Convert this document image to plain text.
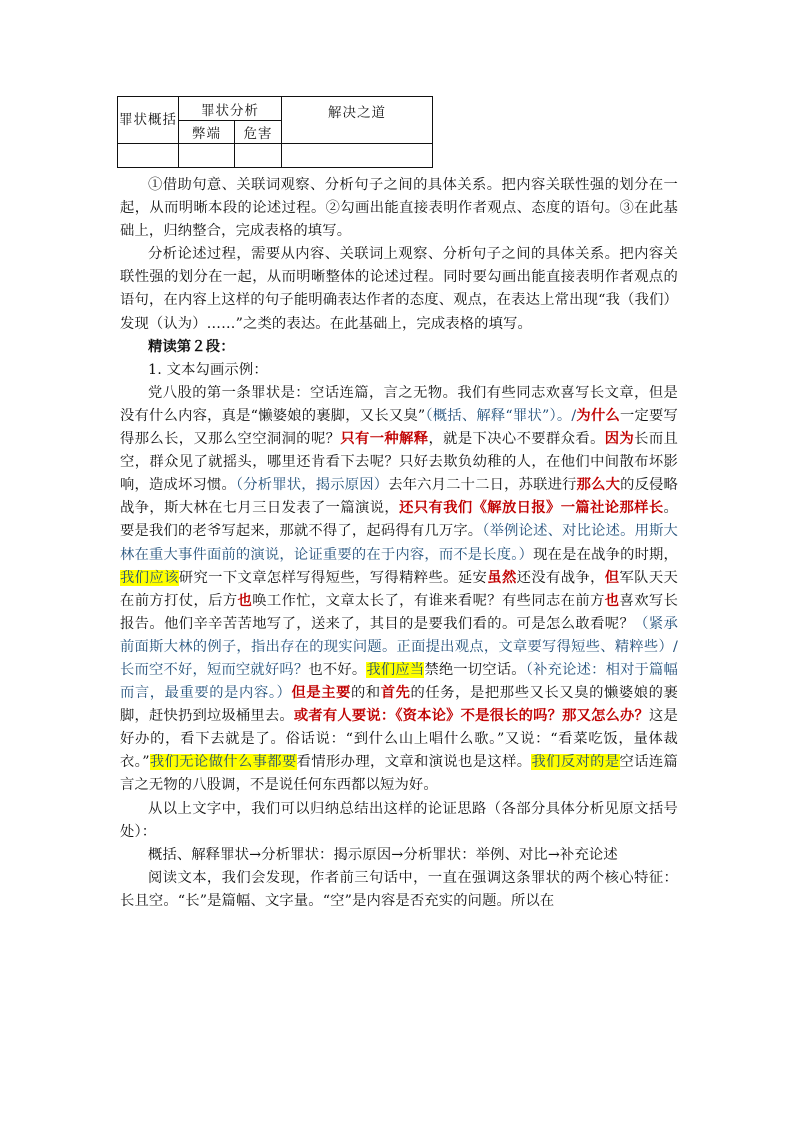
罪状概括	罪状分析		解决之道
	弊端	危害	

①借助句意、关联词观察、分析句子之间的具体关系。把内容关联性强的划分在一起，从而明晰本段的论述过程。②勾画出能直接表明作者观点、态度的语句。③在此基础上，归纳整合，完成表格的填写。

分析论述过程，需要从内容、关联词上观察、分析句子之间的具体关系。把内容关联性强的划分在一起，从而明晰整体的论述过程。同时要勾画出能直接表明作者观点的语句，在内容上这样的句子能明确表达作者的态度、观点，在表达上常出现“我（我们）发现（认为）……”之类的表达。在此基础上，完成表格的填写。

精读第２段：

1. 文本勾画示例：

党八股的第一条罪状是：空话连篇，言之无物。我们有些同志欢喜写长文章，但是没有什么内容，真是“懒婆娘的裹脚，又长又臭”（概括、解释“罪状”）。/为什么一定要写得那么长，又那么空空洞洞的呢？只有一种解释，就是下决心不要群众看。因为长而且空，群众见了就摇头，哪里还肯看下去呢？只好去欺负幼稚的人，在他们中间散布坏影响，造成坏习惯。（分析罪状，揭示原因）去年六月二十二日，苏联进行那么大的反侵略战争，斯大林在七月三日发表了一篇演说，还只有我们《解放日报》一篇社论那样长。要是我们的老爷写起来，那就不得了，起码得有几万字。（举例论述、对比论述。用斯大林在重大事件面前的演说，论证重要的在于内容，而不是长度。）现在是在战争的时期，我们应该研究一下文章怎样写得短些，写得精粹些。延安虽然还没有战争，但军队天天在前方打仗，后方也唤工作忙，文章太长了，有谁来看呢？有些同志在前方也喜欢写长报告。他们辛辛苦苦地写了，送来了，其目的是要我们看的。可是怎么敢看呢？（紧承前面斯大林的例子，指出存在的现实问题。正面提出观点，文章要写得短些、精粹些）/长而空不好，短而空就好吗？也不好。我们应当禁绝一切空话。（补充论述：相对于篇幅而言，最重要的是内容。）但是主要的和首先的任务，是把那些又长又臭的懒婆娘的裹脚，赶快扔到垃圾桶里去。或者有人要说：《资本论》不是很长的吗？那又怎么办？这是好办的，看下去就是了。俗话说：“到什么山上唱什么歌。”又说：“看菜吃饭，量体裁衣。”我们无论做什么事都要看情形办理，文章和演说也是这样。我们反对的是空话连篇言之无物的八股调，不是说任何东西都以短为好。

从以上文字中，我们可以归纳总结出这样的论证思路（各部分具体分析见原文括号处）：

概括、解释罪状→分析罪状：揭示原因→分析罪状：举例、对比→补充论述

阅读文本，我们会发现，作者前三句话中，一直在强调这条罪状的两个核心特征：长且空。“长”是篇幅、文字量。“空”是内容是否充实的问题。所以在
